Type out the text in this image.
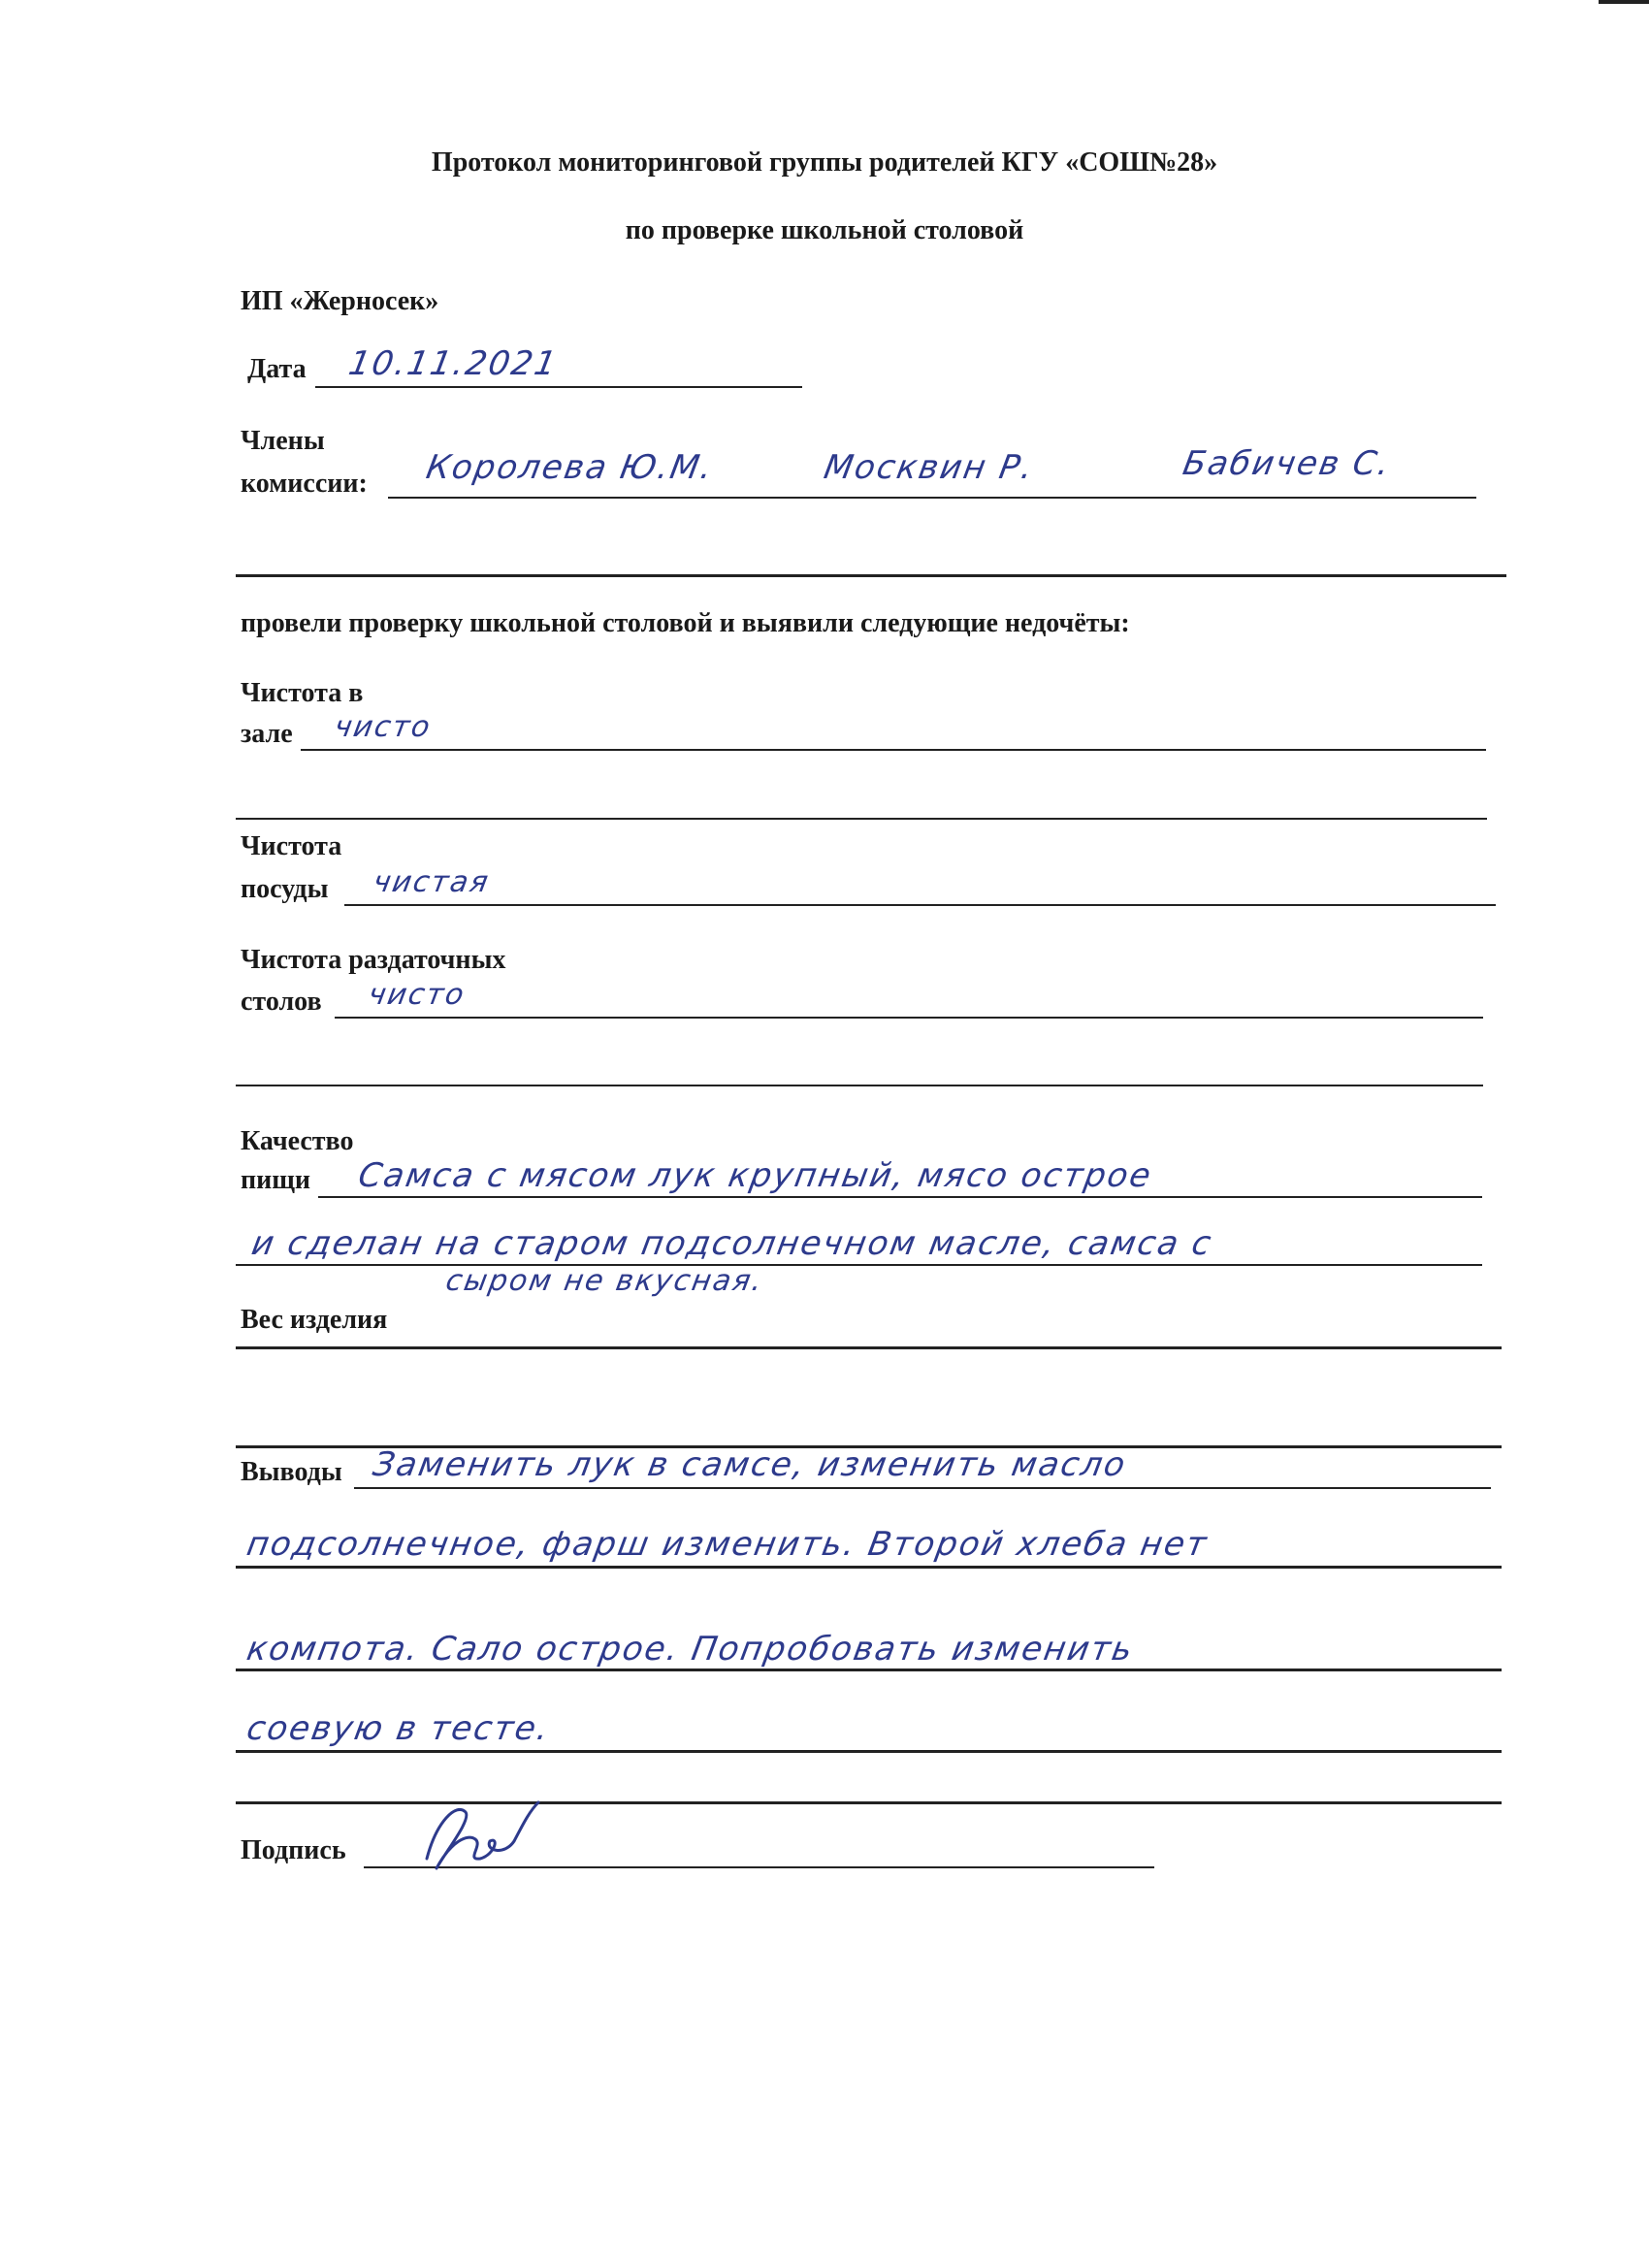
Протокол мониторинговой группы родителей КГУ «СОШ№28»
по проверке школьной столовой
ИП «Жерносек»
Дата 10.11.2021
Члены
комиссии: Королева Ю.М.	Москвин Р.	Бабичев С.
провели проверку школьной столовой и выявили следующие недочёты:
Чистота в
зале чисто
Чистота
посуды чистая
Чистота раздаточных
столов чисто
Качество
пищи Самса с мясом лук крупный, мясо острое
и сделан на старом подсолнечном масле, самса с
сыром не вкусная.
Вес изделия
Выводы Заменить лук в самсе, изменить масло
подсолнечное, фарш изменить. Второй хлеба нет
компота. Сало острое. Попробовать изменить
соевую в тесте.
Подпись
